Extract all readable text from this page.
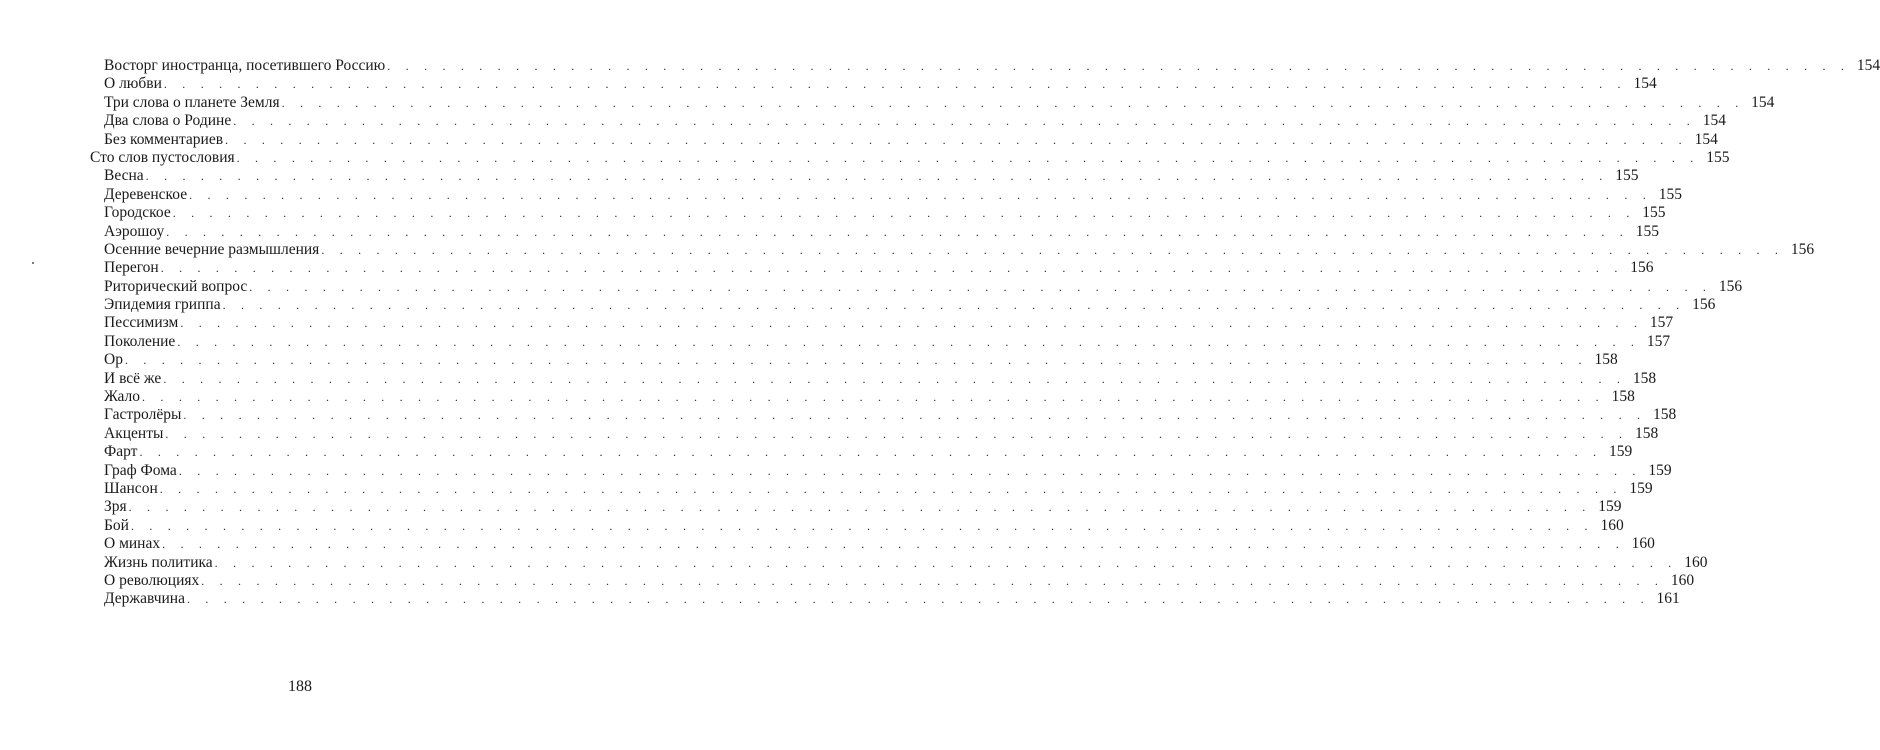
Восторг иностранца, посетившего Россию . . . . . . . . . . . . . . . . . . . . . . . . . . . . . . . . . . . . . . . . . . . . . . . . . . . . . . . . . . . . . . . . . . . . . . . . . . . . . . . . 154
О любви . . . . . . . . . . . . . . . . . . . . . . . . . . . . . . . . . . . . . . . . . . . . . . . . . . . . . . . . . . . . . . . . . . . . . . . . . . . . . . . . 154
Три слова о планете Земля . . . . . . . . . . . . . . . . . . . . . . . . . . . . . . . . . . . . . . . . . . . . . . . . . . . . . . . . . . . . . . . . . . . . . . . . . . . . . . . . 154
Два слова о Родине . . . . . . . . . . . . . . . . . . . . . . . . . . . . . . . . . . . . . . . . . . . . . . . . . . . . . . . . . . . . . . . . . . . . . . . . . . . . . . . . 154
Без комментариев . . . . . . . . . . . . . . . . . . . . . . . . . . . . . . . . . . . . . . . . . . . . . . . . . . . . . . . . . . . . . . . . . . . . . . . . . . . . . . . . 154
Сто слов пустословия . . . . . . . . . . . . . . . . . . . . . . . . . . . . . . . . . . . . . . . . . . . . . . . . . . . . . . . . . . . . . . . . . . . . . . . . . . . . . . . . 155
Весна . . . . . . . . . . . . . . . . . . . . . . . . . . . . . . . . . . . . . . . . . . . . . . . . . . . . . . . . . . . . . . . . . . . . . . . . . . . . . . . . 155
Деревенское . . . . . . . . . . . . . . . . . . . . . . . . . . . . . . . . . . . . . . . . . . . . . . . . . . . . . . . . . . . . . . . . . . . . . . . . . . . . . . . . 155
Городское . . . . . . . . . . . . . . . . . . . . . . . . . . . . . . . . . . . . . . . . . . . . . . . . . . . . . . . . . . . . . . . . . . . . . . . . . . . . . . . . 155
Аэрошоу . . . . . . . . . . . . . . . . . . . . . . . . . . . . . . . . . . . . . . . . . . . . . . . . . . . . . . . . . . . . . . . . . . . . . . . . . . . . . . . . 155
Осенние вечерние размышления . . . . . . . . . . . . . . . . . . . . . . . . . . . . . . . . . . . . . . . . . . . . . . . . . . . . . . . . . . . . . . . . . . . . . . . . . . . . . . . . 156
Перегон . . . . . . . . . . . . . . . . . . . . . . . . . . . . . . . . . . . . . . . . . . . . . . . . . . . . . . . . . . . . . . . . . . . . . . . . . . . . . . . . 156
Риторический вопрос . . . . . . . . . . . . . . . . . . . . . . . . . . . . . . . . . . . . . . . . . . . . . . . . . . . . . . . . . . . . . . . . . . . . . . . . . . . . . . . . 156
Эпидемия гриппа . . . . . . . . . . . . . . . . . . . . . . . . . . . . . . . . . . . . . . . . . . . . . . . . . . . . . . . . . . . . . . . . . . . . . . . . . . . . . . . . 156
Пессимизм . . . . . . . . . . . . . . . . . . . . . . . . . . . . . . . . . . . . . . . . . . . . . . . . . . . . . . . . . . . . . . . . . . . . . . . . . . . . . . . . 157
Поколение . . . . . . . . . . . . . . . . . . . . . . . . . . . . . . . . . . . . . . . . . . . . . . . . . . . . . . . . . . . . . . . . . . . . . . . . . . . . . . . . 157
Ор . . . . . . . . . . . . . . . . . . . . . . . . . . . . . . . . . . . . . . . . . . . . . . . . . . . . . . . . . . . . . . . . . . . . . . . . . . . . . . . . 158
И всё же . . . . . . . . . . . . . . . . . . . . . . . . . . . . . . . . . . . . . . . . . . . . . . . . . . . . . . . . . . . . . . . . . . . . . . . . . . . . . . . . 158
Жало . . . . . . . . . . . . . . . . . . . . . . . . . . . . . . . . . . . . . . . . . . . . . . . . . . . . . . . . . . . . . . . . . . . . . . . . . . . . . . . . 158
Гастролёры . . . . . . . . . . . . . . . . . . . . . . . . . . . . . . . . . . . . . . . . . . . . . . . . . . . . . . . . . . . . . . . . . . . . . . . . . . . . . . . . 158
Акценты . . . . . . . . . . . . . . . . . . . . . . . . . . . . . . . . . . . . . . . . . . . . . . . . . . . . . . . . . . . . . . . . . . . . . . . . . . . . . . . . 158
Фарт . . . . . . . . . . . . . . . . . . . . . . . . . . . . . . . . . . . . . . . . . . . . . . . . . . . . . . . . . . . . . . . . . . . . . . . . . . . . . . . . 159
Граф Фома . . . . . . . . . . . . . . . . . . . . . . . . . . . . . . . . . . . . . . . . . . . . . . . . . . . . . . . . . . . . . . . . . . . . . . . . . . . . . . . . 159
Шансон . . . . . . . . . . . . . . . . . . . . . . . . . . . . . . . . . . . . . . . . . . . . . . . . . . . . . . . . . . . . . . . . . . . . . . . . . . . . . . . . 159
Зря . . . . . . . . . . . . . . . . . . . . . . . . . . . . . . . . . . . . . . . . . . . . . . . . . . . . . . . . . . . . . . . . . . . . . . . . . . . . . . . . 159
Бой . . . . . . . . . . . . . . . . . . . . . . . . . . . . . . . . . . . . . . . . . . . . . . . . . . . . . . . . . . . . . . . . . . . . . . . . . . . . . . . . 160
О минах . . . . . . . . . . . . . . . . . . . . . . . . . . . . . . . . . . . . . . . . . . . . . . . . . . . . . . . . . . . . . . . . . . . . . . . . . . . . . . . . 160
Жизнь политика . . . . . . . . . . . . . . . . . . . . . . . . . . . . . . . . . . . . . . . . . . . . . . . . . . . . . . . . . . . . . . . . . . . . . . . . . . . . . . . . 160
О революциях . . . . . . . . . . . . . . . . . . . . . . . . . . . . . . . . . . . . . . . . . . . . . . . . . . . . . . . . . . . . . . . . . . . . . . . . . . . . . . . . 160
Державчина . . . . . . . . . . . . . . . . . . . . . . . . . . . . . . . . . . . . . . . . . . . . . . . . . . . . . . . . . . . . . . . . . . . . . . . . . . . . . . . . 161
188
